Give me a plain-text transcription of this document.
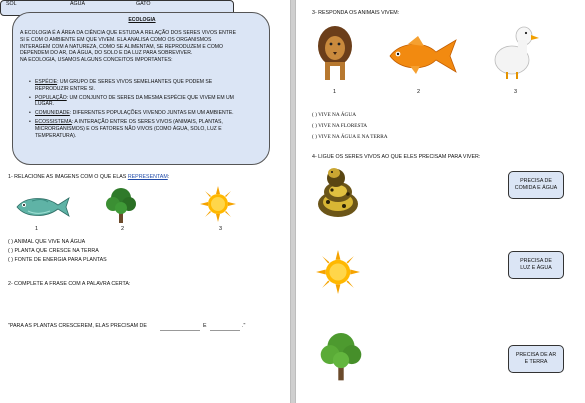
ECOLOGIA
A ECOLOGIA É A ÁREA DA CIÊNCIA QUE ESTUDA A RELAÇÃO DOS SERES VIVOS ENTRE
SI E COM O AMBIENTE EM QUE VIVEM. ELA ANALISA COMO OS ORGANISMOS
INTERAGEM COM A NATUREZA, COMO SE ALIMENTAM, SE REPRODUZEM E COMO
DEPENDEM DO AR, DA ÁGUA, DO SOLO E DA LUZ PARA SOBREVIVER.
NA ECOLOGIA, USAMOS ALGUNS CONCEITOS IMPORTANTES:
• ESPÉCIE: UM GRUPO DE SERES VIVOS SEMELHANTES QUE PODEM SE
REPRODUZIR ENTRE SI.
• POPULAÇÃO: UM CONJUNTO DE SERES DA MESMA ESPÉCIE QUE VIVEM EM UM
LUGAR.
• COMUNIDADE: DIFERENTES POPULAÇÕES VIVENDO JUNTAS EM UM AMBIENTE.
• ECOSSISTEMA: A INTERAÇÃO ENTRE OS SERES VIVOS (ANIMAIS, PLANTAS,
MICRORGANISMOS) E OS FATORES NÃO VIVOS (COMO ÁGUA, SOLO, LUZ E
TEMPERATURA).
1- RELACIONE AS IMAGENS COM O QUE ELAS REPRESENTAM:
1	2	3
( ) ANIMAL QUE VIVE NA ÁGUA
( ) PLANTA QUE CRESCE NA TERRA
( ) FONTE DE ENERGIA PARA PLANTAS
2- COMPLETE A FRASE COM A PALAVRA CERTA:
SOL	ÁGUA	GATO
"PARA AS PLANTAS CRESCEREM, ELAS PRECISAM DE	E	."
3- RESPONDA OS ANIMAIS VIVEM:
1	2	3
( ) VIVE NA ÁGUA
( ) VIVE NA FLORESTA
( ) VIVE NA ÁGUA E NA TERRA
4- LIGUE OS SERES VIVOS AO QUE ELES PRECISAM PARA VIVER:
PRECISA DE
COMIDA E ÁGUA
PRECISA DE
LUZ E ÁGUA
PRECISA DE AR
E TERRA
